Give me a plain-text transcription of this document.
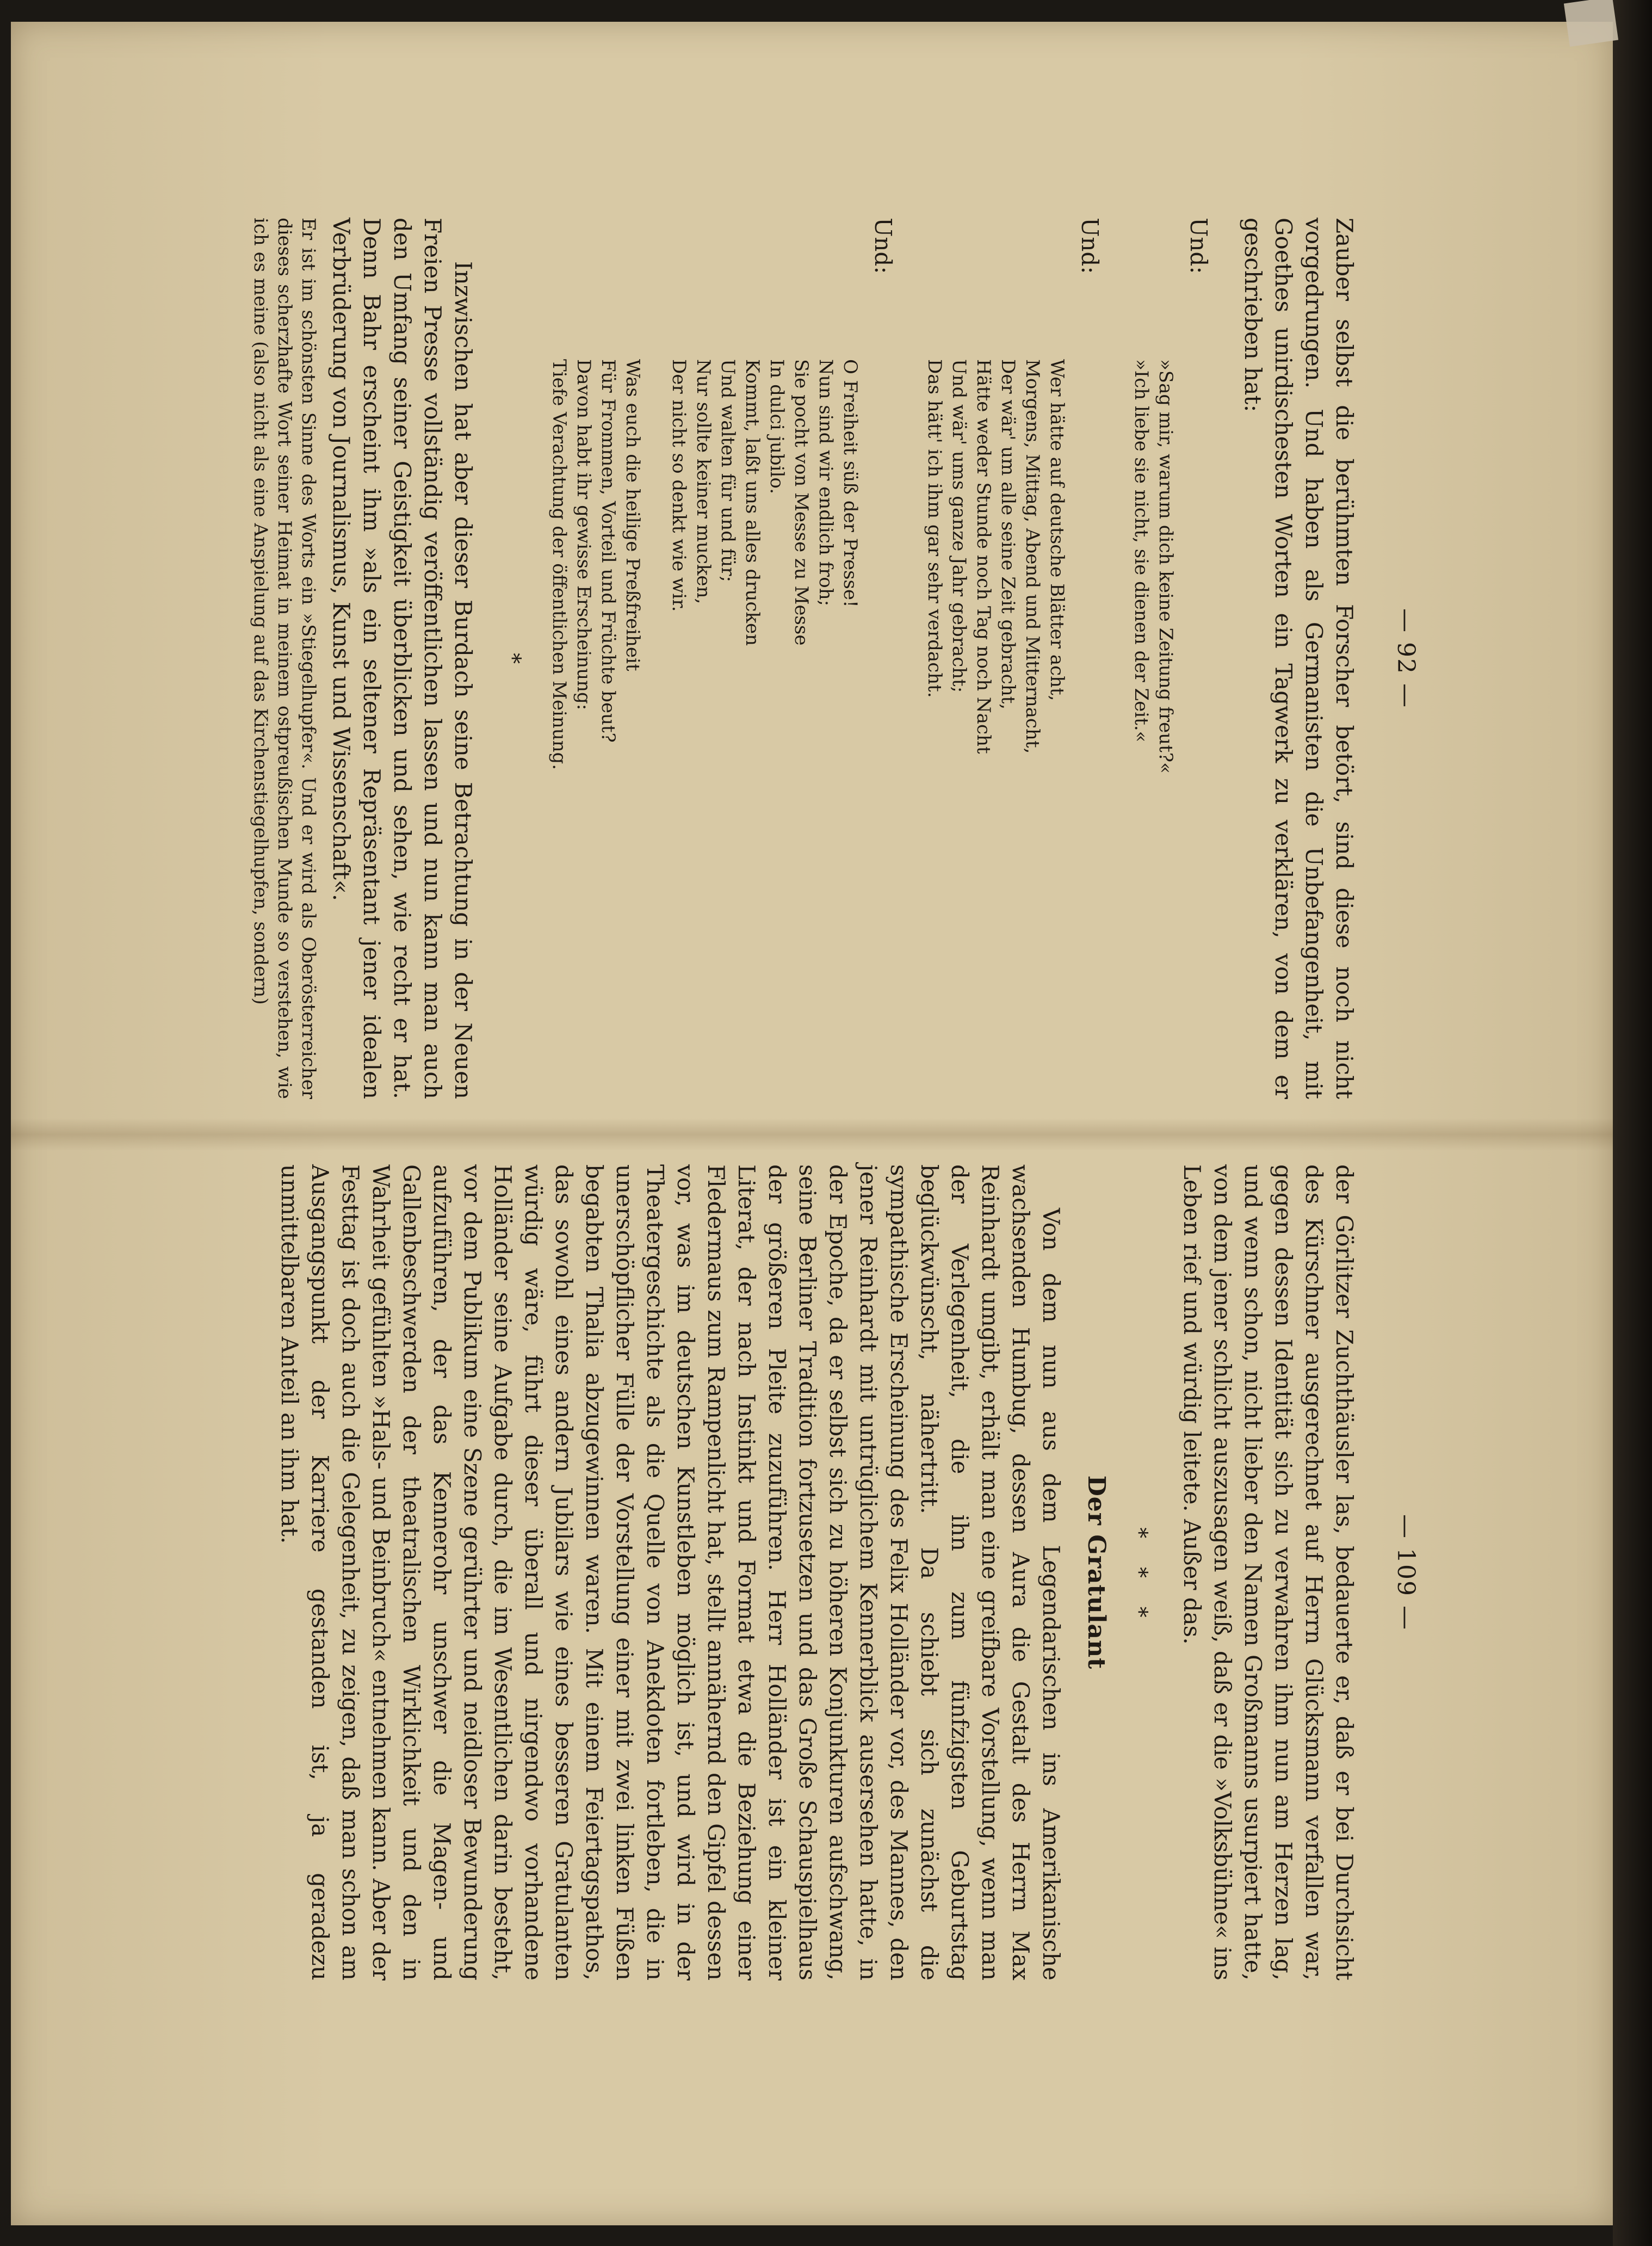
— 92 —

Zauber selbst die berühmten Forscher betört, sind diese noch nicht vorgedrungen. Und haben als Germanisten die Unbefangenheit, mit Goethes unirdischesten Worten ein Tagwerk zu verklären, von dem er geschrieben hat:

Und:
»Sag mir, warum dich keine Zeitung freut?«
»Ich liebe sie nicht, sie dienen der Zeit.«
Und:
Wer hätte auf deutsche Blätter acht,
Morgens, Mittag, Abend und Mitternacht,
Der wär' um alle seine Zeit gebracht,
Hätte weder Stunde noch Tag noch Nacht
Und wär' ums ganze Jahr gebracht;
Das hätt' ich ihm gar sehr verdacht.
Und:
O Freiheit süß der Presse!
Nun sind wir endlich froh;
Sie pocht von Messe zu Messe
In dulci jubilo.
Kommt, laßt uns alles drucken
Und walten für und für;
Nur sollte keiner mucken,
Der nicht so denkt wie wir.
Was euch die heilige Preßfreiheit
Für Frommen, Vorteil und Früchte beut?
Davon habt ihr gewisse Erscheinung:
Tiefe Verachtung der öffentlichen Meinung.
*

Inzwischen hat aber dieser Burdach seine Betrachtung in der Neuen Freien Presse vollständig veröffentlichen lassen und nun kann man auch den Umfang seiner Geistigkeit überblicken und sehen, wie recht er hat. Denn Bahr erscheint ihm »als ein seltener Repräsentant jener idealen Verbrüderung von Journalismus, Kunst und Wissenschaft«.

Er ist im schönsten Sinne des Worts ein »Stiegelhupfer«. Und er wird als Oberösterreicher dieses scherzhafte Wort seiner Heimat in meinem ostpreußischen Munde so verstehen, wie ich es meine (also nicht als eine Anspielung auf das Kirchenstiegelhupfen, sondern)

— 109 —

der Görlitzer Zuchthäusler las, bedauerte er, daß er bei Durchsicht des Kürschner ausgerechnet auf Herrn Glücksmann verfallen war, gegen dessen Identität sich zu verwahren ihm nun am Herzen lag, und wenn schon, nicht lieber den Namen Großmanns usurpiert hatte, von dem jener schlicht auszusagen weiß, daß er die »Volksbühne« ins Leben rief und würdig leitete. Außer das.

* * *
Der Gratulant

Von dem nun aus dem Legendarischen ins Amerikanische wachsenden Humbug, dessen Aura die Gestalt des Herrn Max Reinhardt umgibt, erhält man eine greifbare Vorstellung, wenn man der Verlegenheit, die ihn zum fünfzigsten Geburtstag beglückwünscht, nähertritt. Da schiebt sich zunächst die sympathische Erscheinung des Felix Holländer vor, des Mannes, den jener Reinhardt mit untrüglichem Kennerblick ausersehen hatte, in der Epoche, da er selbst sich zu höheren Konjunkturen aufschwang, seine Berliner Tradition fortzusetzen und das Große Schauspielhaus der größeren Pleite zuzuführen. Herr Holländer ist ein kleiner Literat, der nach Instinkt und Format etwa die Beziehung einer Fledermaus zum Rampenlicht hat, stellt annähernd den Gipfel dessen vor, was im deutschen Kunstleben möglich ist, und wird in der Theatergeschichte als die Quelle von Anekdoten fortleben, die in unerschöpflicher Fülle der Vorstellung einer mit zwei linken Füßen begabten Thalia abzugewinnen waren. Mit einem Feiertagspathos, das sowohl eines andern Jubilars wie eines besseren Gratulanten würdig wäre, führt dieser überall und nirgendwo vorhandene Holländer seine Aufgabe durch, die im Wesentlichen darin besteht, vor dem Publikum eine Szene gerührter und neidloser Bewunderung aufzuführen, der das Kennerohr unschwer die Magen- und Gallenbeschwerden der theatralischen Wirklichkeit und den in Wahrheit gefühlten »Hals- und Beinbruch« entnehmen kann. Aber der Festtag ist doch auch die Gelegenheit, zu zeigen, daß man schon am Ausgangspunkt der Karriere gestanden ist, ja geradezu unmittelbaren Anteil an ihm hat.
